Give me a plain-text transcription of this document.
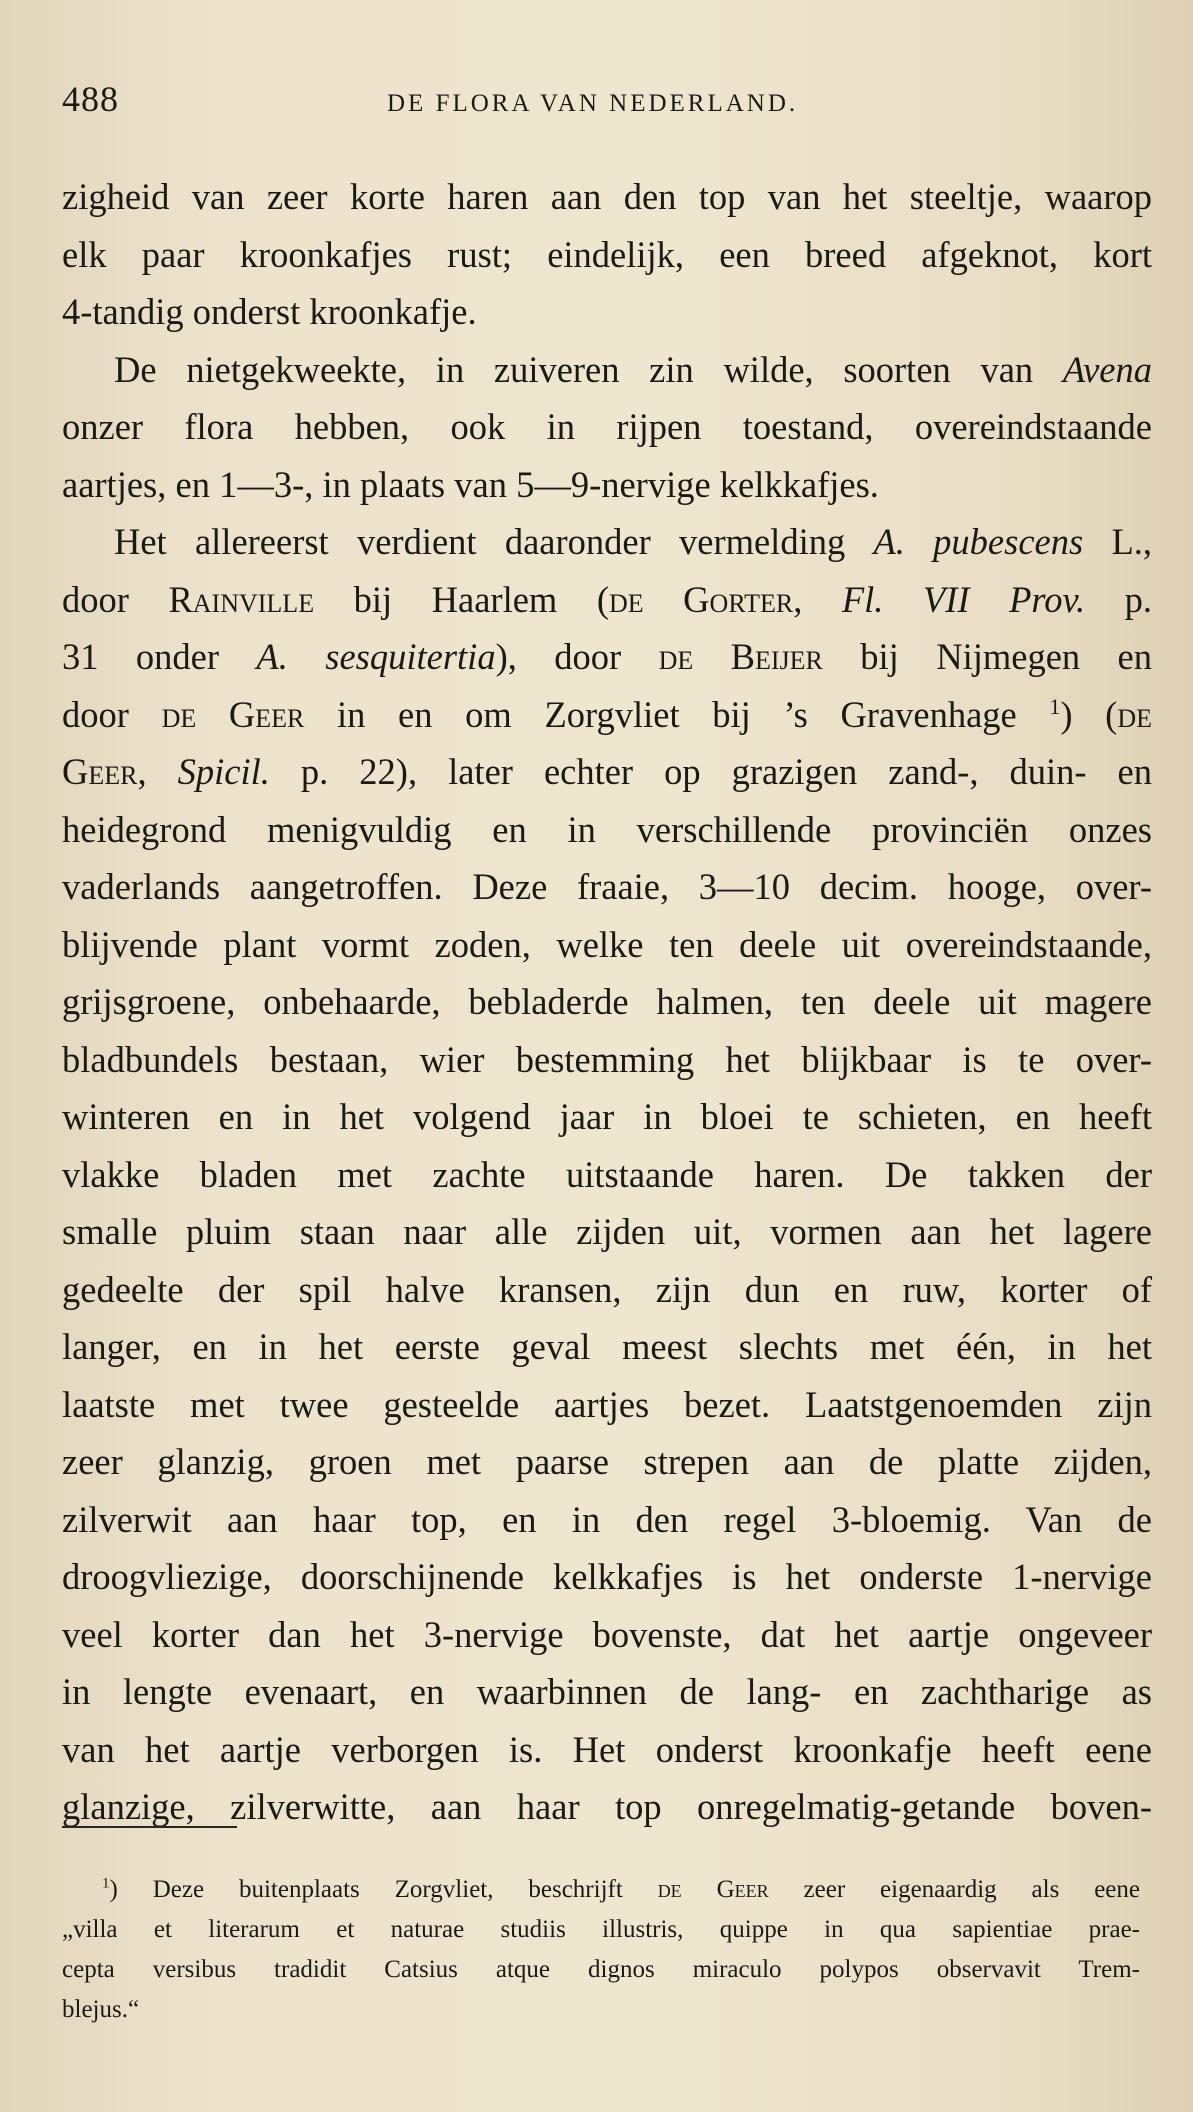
488	DE FLORA VAN NEDERLAND.
zigheid van zeer korte haren aan den top van het steeltje, waarop
elk paar kroonkafjes rust; eindelijk, een breed afgeknot, kort
4-tandig onderst kroonkafje.
De nietgekweekte, in zuiveren zin wilde, soorten van Avena
onzer flora hebben, ook in rijpen toestand, overeindstaande
aartjes, en 1—3-, in plaats van 5—9-nervige kelkkafjes.
Het allereerst verdient daaronder vermelding A. pubescens L.,
door Rainville bij Haarlem (de Gorter, Fl. VII Prov. p.
31 onder A. sesquitertia), door de Beijer bij Nijmegen en
door de Geer in en om Zorgvliet bij ’s Gravenhage $^1$) (de
Geer, Spicil. p. 22), later echter op grazigen zand-, duin- en
heidegrond menigvuldig en in verschillende provinciën onzes
vaderlands aangetroffen. Deze fraaie, 3—10 decim. hooge, over-
blijvende plant vormt zoden, welke ten deele uit overeindstaande,
grijsgroene, onbehaarde, bebladerde halmen, ten deele uit magere
bladbundels bestaan, wier bestemming het blijkbaar is te over-
winteren en in het volgend jaar in bloei te schieten, en heeft
vlakke bladen met zachte uitstaande haren. De takken der
smalle pluim staan naar alle zijden uit, vormen aan het lagere
gedeelte der spil halve kransen, zijn dun en ruw, korter of
langer, en in het eerste geval meest slechts met één, in het
laatste met twee gesteelde aartjes bezet. Laatstgenoemden zijn
zeer glanzig, groen met paarse strepen aan de platte zijden,
zilverwit aan haar top, en in den regel 3-bloemig. Van de
droogvliezige, doorschijnende kelkkafjes is het onderste 1-nervige
veel korter dan het 3-nervige bovenste, dat het aartje ongeveer
in lengte evenaart, en waarbinnen de lang- en zachtharige as
van het aartje verborgen is. Het onderst kroonkafje heeft eene
glanzige, zilverwitte, aan haar top onregelmatig-getande boven-
$^1$) Deze buitenplaats Zorgvliet, beschrijft de Geer zeer eigenaardig als eene
„villa et literarum et naturae studiis illustris, quippe in qua sapientiae prae-
cepta versibus tradidit Catsius atque dignos miraculo polypos observavit Trem-
blejus.“
